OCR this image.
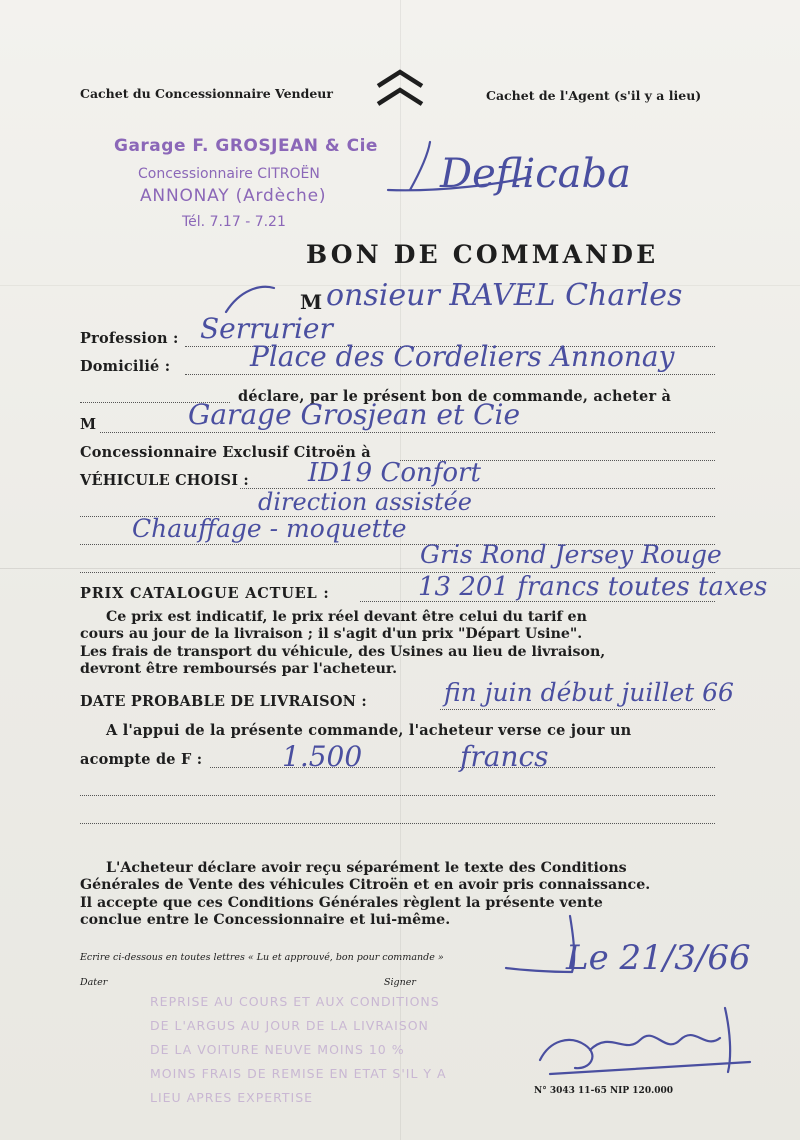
Cachet du Concessionnaire Vendeur	Cachet de l'Agent (s'il y a lieu)
Garage F. GROSJEAN & Cie
Concessionnaire CITROËN
ANNONAY (Ardèche)
Tél. 7.17 - 7.21
Deflicaba
BON DE COMMANDE
M onsieur RAVEL Charles
Profession : Serrurier
Domicilié :	Place des Cordeliers Annonay
déclare, par le présent bon de commande, acheter à
M	Garage Grosjean et Cie
Concessionnaire Exclusif Citroën à
VÉHICULE CHOISI : ID19 Confort
direction assistée
Chauffage - moquette
Gris Rond Jersey Rouge
PRIX CATALOGUE ACTUEL :	13 201 francs toutes taxes
Ce prix est indicatif, le prix réel devant être celui du tarif en
cours au jour de la livraison ; il s'agit d'un prix "Départ Usine".
Les frais de transport du véhicule, des Usines au lieu de livraison,
devront être remboursés par l'acheteur.
DATE PROBABLE DE LIVRAISON :	fin juin début juillet 66
A l'appui de la présente commande, l'acheteur verse ce jour un
acompte de F :	1.500	francs
L'Acheteur déclare avoir reçu séparément le texte des Conditions
Générales de Vente des véhicules Citroën et en avoir pris connaissance.
Il accepte que ces Conditions Générales règlent la présente vente
conclue entre le Concessionnaire et lui-même.
Ecrire ci-dessous en toutes lettres « Lu et approuvé, bon pour commande »
Dater	Signer
Le 21/3/66
REPRISE AU COURS ET AUX CONDITIONS
DE L'ARGUS AU JOUR DE LA LIVRAISON
DE LA VOITURE NEUVE MOINS 10 %
MOINS FRAIS DE REMISE EN ETAT S'IL Y A
LIEU APRES EXPERTISE	N° 3043 11-65 NIP 120.000
